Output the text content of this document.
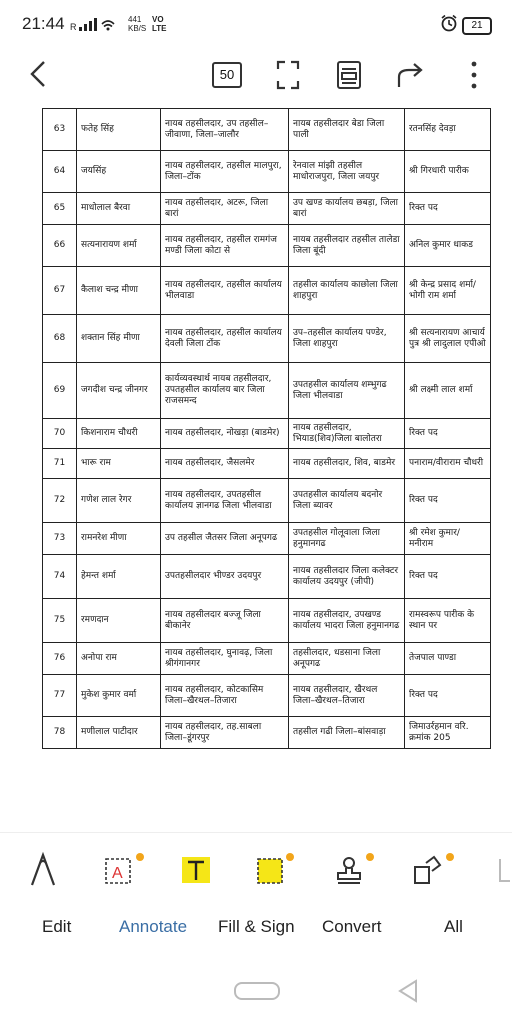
21:44 R
441
KB/S
VO
LTE	21
50
63	फतेह सिंह	नायब तहसीलदार, उप तहसील–जीवाणा, जिला–जालौर	नायब तहसीलदार बेडा जिला पाली	रतनसिंह देवड़ा
64	जयसिंह	नायब तहसीलदार, तहसील मालपुरा, जिला–टोंक	रेनवाल मांझी तहसील माधोराजपुरा, जिला जयपुर	श्री गिरधारी पारीक
65	माधोलाल बैरवा	नायब तहसीलदार, अटरू, जिला बारां	उप खण्ड कार्यालय छबड़ा, जिला बारां	रिक्त पद
66	सत्यनारायण शर्मा	नायब तहसीलदार, तहसील रामगंज मण्डी जिला कोटा से	नायब तहसीलदार तहसील तालेडा जिला बूंदी	अनिल कुमार धाकड
67	कैलाश चन्द्र मीणा	नायब तहसीलदार, तहसील कार्यालय भीलवाडा	तहसील कार्यालय काछोला जिला शाहपुरा	श्री केन्द्र प्रसाद शर्मा/ भोगी राम शर्मा
68	शक्तान सिंह मीणा	नायब तहसीलदार, तहसील कार्यालय देवली जिला टोंक	उप–तहसील कार्यालय पण्डेर, जिला शाहपुरा	श्री सत्यनारायण आचार्य पुत्र श्री लादुलाल एपीओ
69	जगदीश चन्द्र जीनगर	कार्यव्यवस्थार्थ नायब तहसीलदार, उपतहसील कार्यालय बार जिला राजसमन्द	उपतहसील कार्यालय शम्भुगढ जिला भीलवाडा	श्री लक्ष्मी लाल शर्मा
70	किशनाराम चौधरी	नायब तहसीलदार, नोखड़ा (बाडमेर)	नायब तहसीलदार, भियाड(शिव)जिला बालोतरा	रिक्त पद
71	भारू राम	नायब तहसीलदार, जैसलमेर	नायब तहसीलदार, शिव, बाडमेर	पनाराम/वीराराम चौधरी
72	गणेश लाल रेगर	नायब तहसीलदार, उपतहसील कार्यालय ज्ञानगढ जिला भीलवाडा	उपतहसील कार्यालय बदनोर जिला ब्यावर	रिक्त पद
73	रामनरेश मीणा	उप तहसील जैतसर जिला अनूपगढ	उपतहसील गोलूवाला जिला हनुमानगढ	श्री रमेश कुमार/ मनीराम
74	हेमन्त शर्मा	उपतहसीलदार भीण्डर उदयपुर	नायब तहसीलदार जिला कलेक्टर कार्यालय उदयपुर (जीपी)	रिक्त पद
75	रमणदान	नायब तहसीलदार बज्जू जिला बीकानेर	नायब तहसीलदार, उपखण्ड कार्यालय भादरा जिला हनुमानगढ	रामस्वरूप पारीक के स्थान पर
76	अनोपा राम	नायब तहसीलदार, घुनावढ़, जिला श्रीगंगानगर	तहसीलदार, धडसाना जिला अनूपगढ	तेजपाल पाण्डा
77	मुकेश कुमार वर्मा	नायब तहसीलदार, कोटकासिम जिला–खैरथल–तिजारा	नायब तहसीलदार, खैरथल जिला–खैरथल–तिजारा	रिक्त पद
78	मणीलाल पाटीदार	नायब तहसीलदार, तह.साबला जिला–डूंगरपुर	तहसील गढी जिला–बांसवाड़ा	जिमाउर्रहमान वरि. क्रमांक 205
A
Edit	Annotate Fill & Sign Convert	All
